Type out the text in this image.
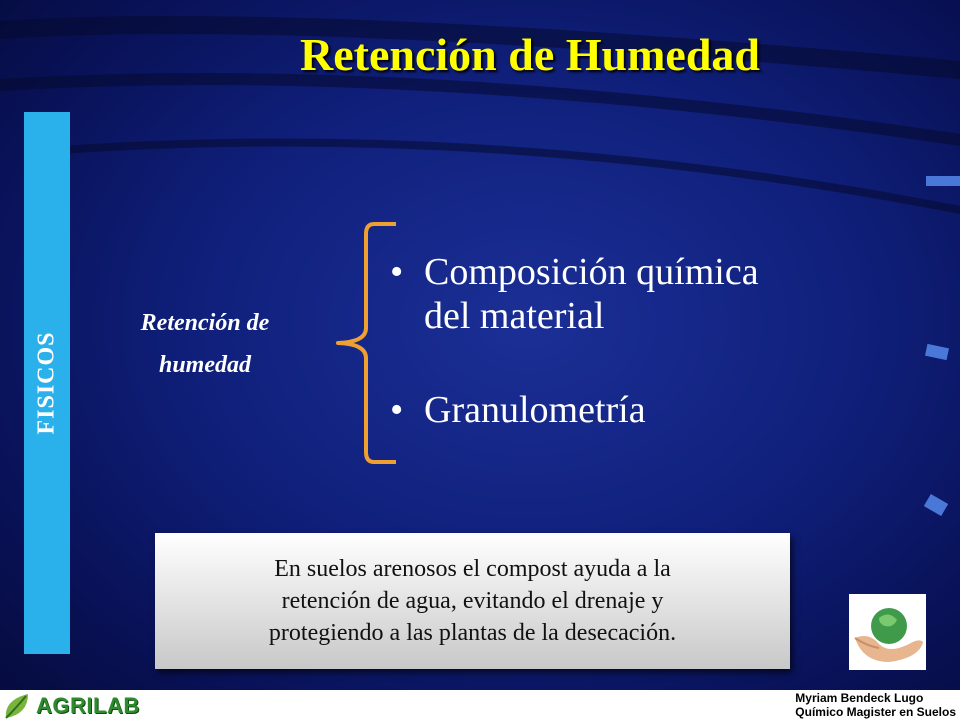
Retención de Humedad
FISICOS
Retención de
humedad
• Composición química
del material
• Granulometría
En suelos arenosos el compost ayuda a la
retención de agua, evitando el drenaje y
protegiendo a las plantas de la desecación.
AGRILAB	Myriam Bendeck Lugo
Químico Magister en Suelos
